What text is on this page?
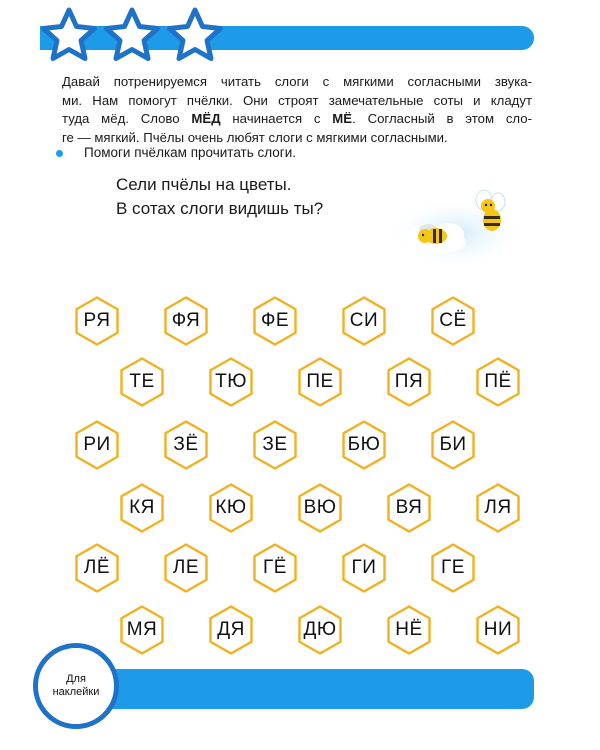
Давай потренируемся читать слоги с мягкими согласными звука-
ми. Нам помогут пчёлки. Они строят замечательные соты и кладут
туда мёд. Слово МЁД начинается с МЁ. Согласный в этом сло-
ге — мягкий. Пчёлы очень любят слоги с мягкими согласными.
Помоги пчёлкам прочитать слоги.
Сели пчёлы на цветы.
В сотах слоги видишь ты?
РЯ	ФЯ	ФЕ	СИ	СЁ
ТЕ	ТЮ	ПЕ	ПЯ	ПЁ
РИ	ЗЁ	ЗЕ	БЮ	БИ
КЯ	КЮ	ВЮ	ВЯ	ЛЯ
ЛЁ	ЛЕ	ГЁ	ГИ	ГЕ
МЯ	ДЯ	ДЮ	НЁ	НИ
Для
наклейки
